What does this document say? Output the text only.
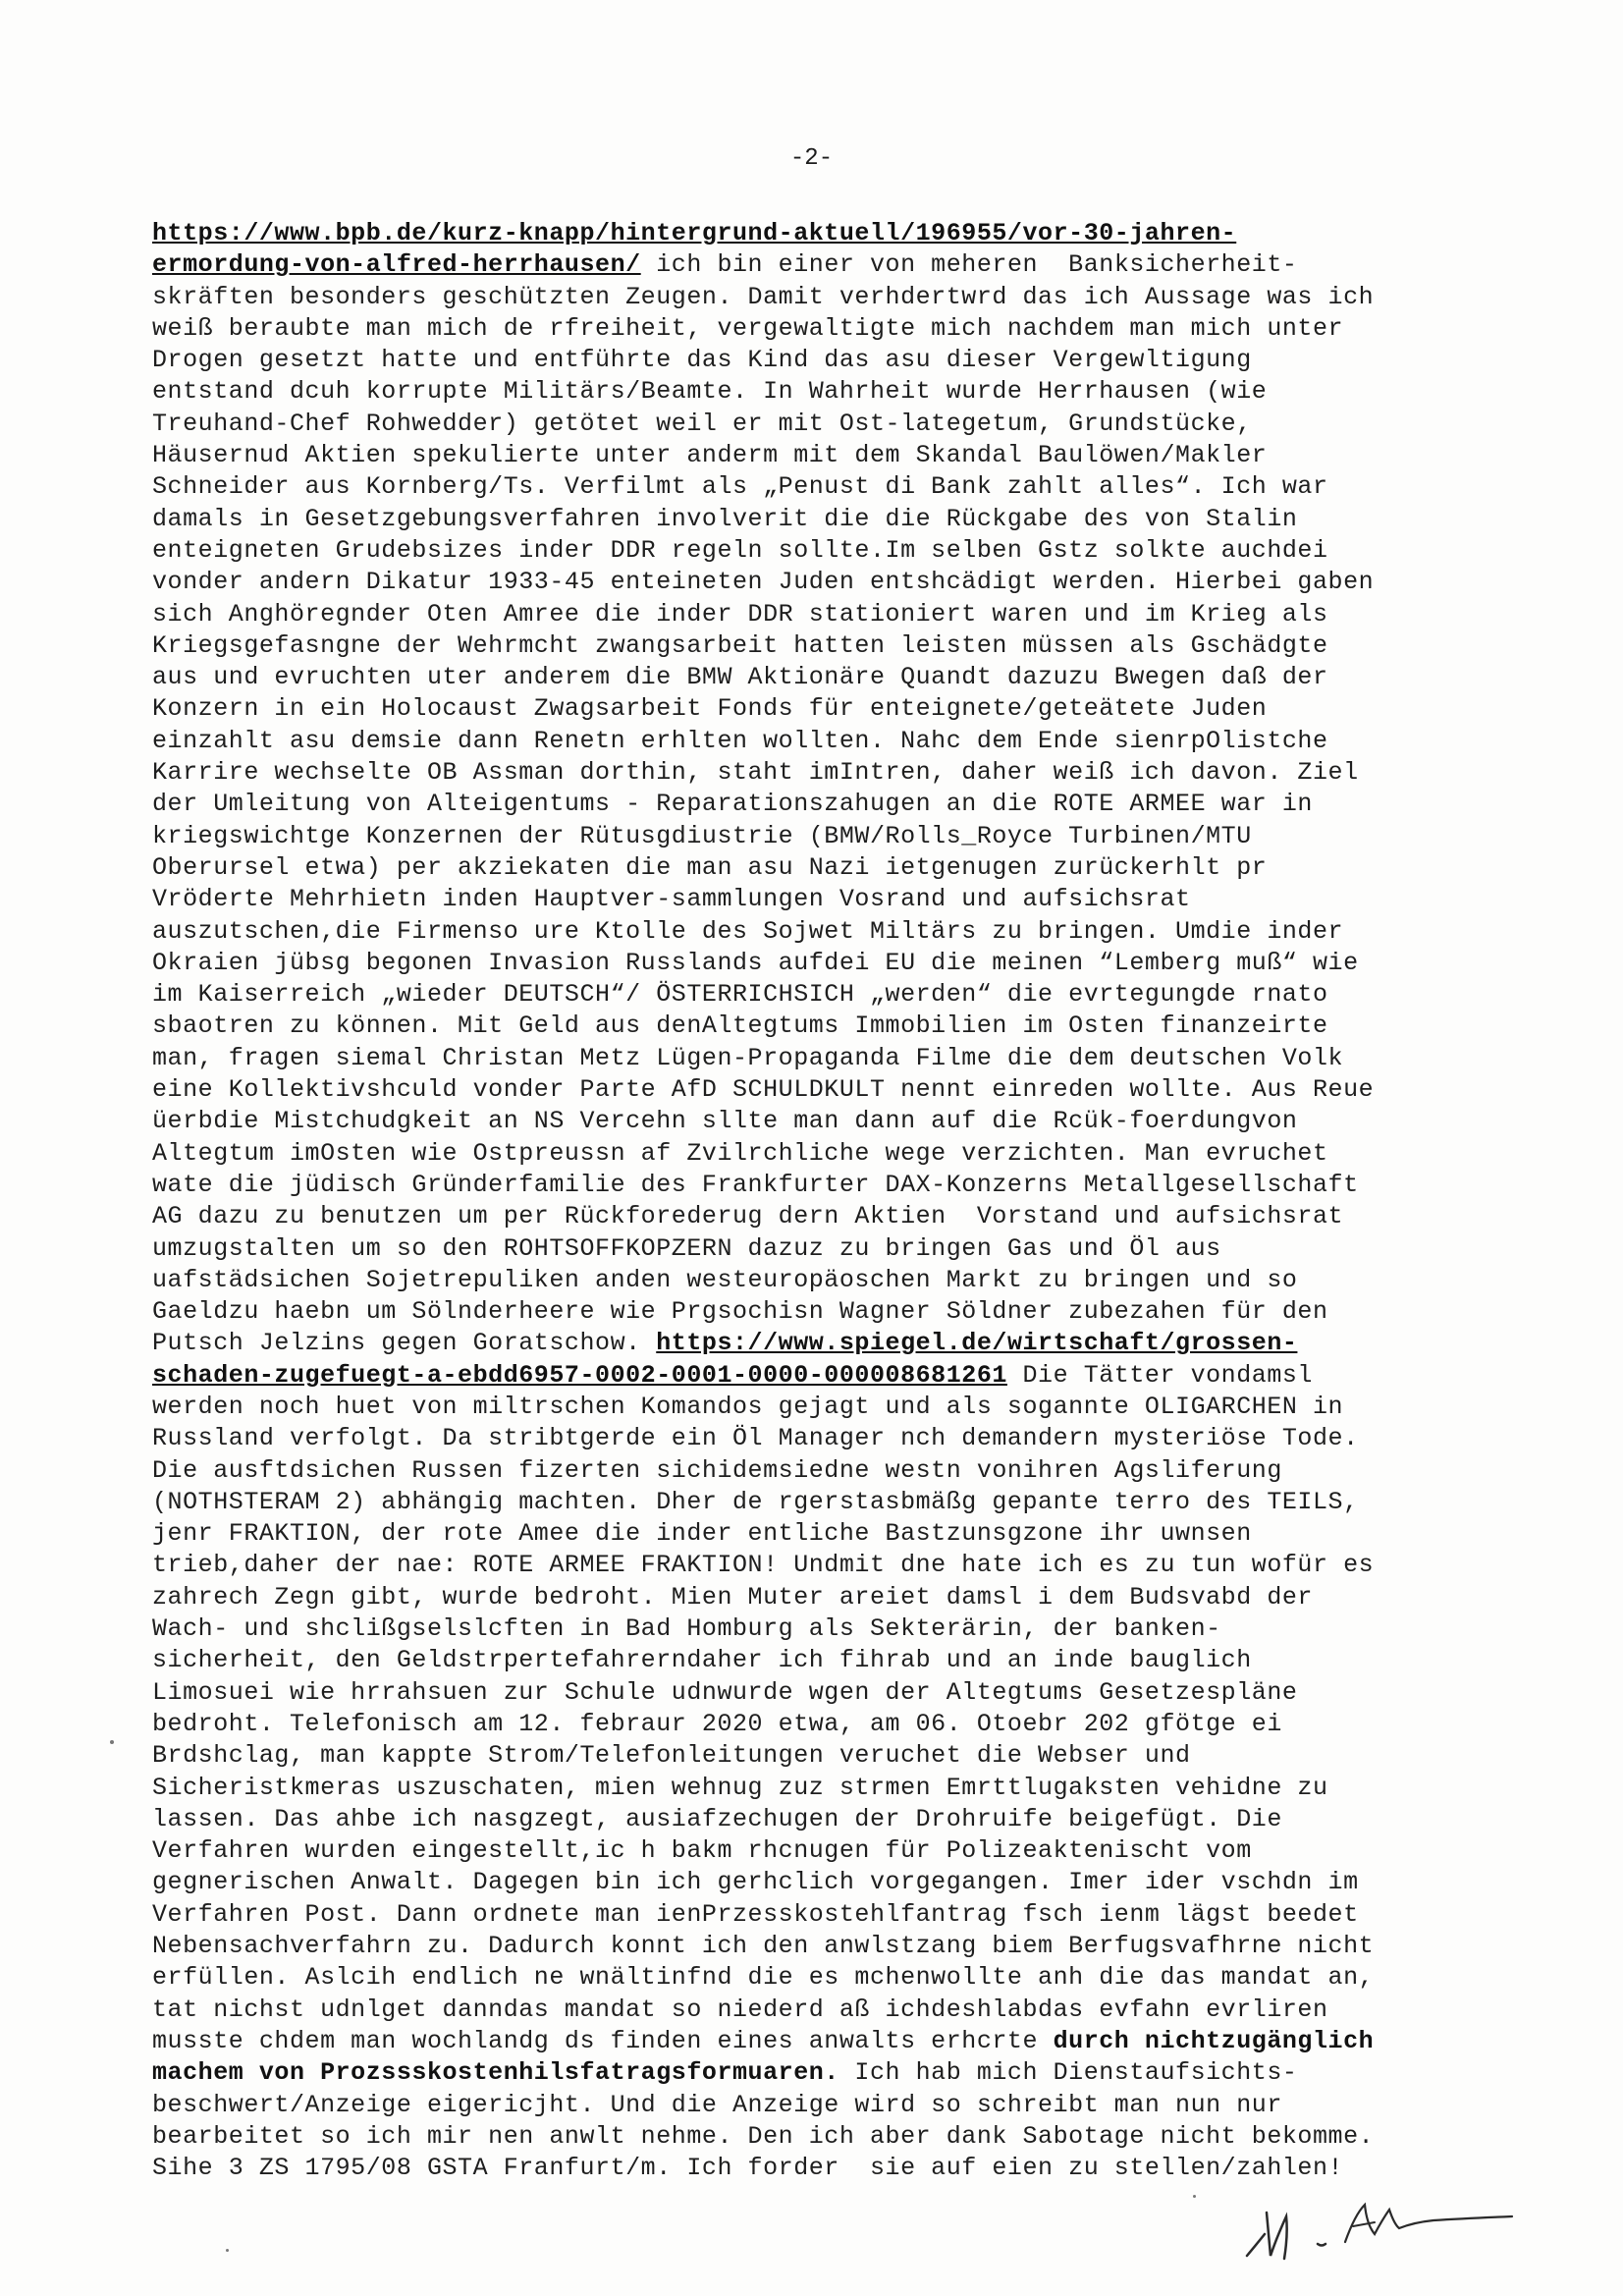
-2-
https://www.bpb.de/kurz-knapp/hintergrund-aktuell/196955/vor-30-jahren-
ermordung-von-alfred-herrhausen/ ich bin einer von meheren  Banksicherheit-
skräften besonders geschützten Zeugen. Damit verhdertwrd das ich Aussage was ich
weiß beraubte man mich de rfreiheit, vergewaltigte mich nachdem man mich unter
Drogen gesetzt hatte und entführte das Kind das asu dieser Vergewltigung
entstand dcuh korrupte Militärs/Beamte. In Wahrheit wurde Herrhausen (wie
Treuhand-Chef Rohwedder) getötet weil er mit Ost-lategetum, Grundstücke,
Häusernud Aktien spekulierte unter anderm mit dem Skandal Baulöwen/Makler
Schneider aus Kornberg/Ts. Verfilmt als „Penust di Bank zahlt alles“. Ich war
damals in Gesetzgebungsverfahren involverit die die Rückgabe des von Stalin
enteigneten Grudebsizes inder DDR regeln sollte.Im selben Gstz solkte auchdei
vonder andern Dikatur 1933-45 enteineten Juden entshcädigt werden. Hierbei gaben
sich Anghöregnder Oten Amree die inder DDR stationiert waren und im Krieg als
Kriegsgefasngne der Wehrmcht zwangsarbeit hatten leisten müssen als Gschädgte
aus und evruchten uter anderem die BMW Aktionäre Quandt dazuzu Bwegen daß der
Konzern in ein Holocaust Zwagsarbeit Fonds für enteignete/geteätete Juden
einzahlt asu demsie dann Renetn erhlten wollten. Nahc dem Ende sienrpOlistche
Karrire wechselte OB Assman dorthin, staht imIntren, daher weiß ich davon. Ziel
der Umleitung von Alteigentums - Reparationszahugen an die ROTE ARMEE war in
kriegswichtge Konzernen der Rütusgdiustrie (BMW/Rolls_Royce Turbinen/MTU
Oberursel etwa) per akziekaten die man asu Nazi ietgenugen zurückerhlt pr
Vröderte Mehrhietn inden Hauptver-sammlungen Vosrand und aufsichsrat
auszutschen,die Firmenso ure Ktolle des Sojwet Miltärs zu bringen. Umdie inder
Okraien jübsg begonen Invasion Russlands aufdei EU die meinen “Lemberg muß“ wie
im Kaiserreich „wieder DEUTSCH“/ ÖSTERRICHSICH „werden“ die evrtegungde rnato
sbaotren zu können. Mit Geld aus denAltegtums Immobilien im Osten finanzeirte
man, fragen siemal Christan Metz Lügen-Propaganda Filme die dem deutschen Volk
eine Kollektivshculd vonder Parte AfD SCHULDKULT nennt einreden wollte. Aus Reue
üerbdie Mistchudgkeit an NS Vercehn sllte man dann auf die Rcük-foerdungvon
Altegtum imOsten wie Ostpreussn af Zvilrchliche wege verzichten. Man evruchet
wate die jüdisch Gründerfamilie des Frankfurter DAX-Konzerns Metallgesellschaft
AG dazu zu benutzen um per Rückforederug dern Aktien  Vorstand und aufsichsrat
umzugstalten um so den ROHTSOFFKOPZERN dazuz zu bringen Gas und Öl aus
uafstädsichen Sojetrepuliken anden westeuropäoschen Markt zu bringen und so
Gaeldzu haebn um Sölnderheere wie Prgsochisn Wagner Söldner zubezahen für den
Putsch Jelzins gegen Goratschow. https://www.spiegel.de/wirtschaft/grossen-
schaden-zugefuegt-a-ebdd6957-0002-0001-0000-000008681261 Die Tätter vondamsl
werden noch huet von miltrschen Komandos gejagt und als sogannte OLIGARCHEN in
Russland verfolgt. Da stribtgerde ein Öl Manager nch demandern mysteriöse Tode.
Die ausftdsichen Russen fizerten sichidemsiedne westn vonihren Agsliferung
(NOTHSTERAM 2) abhängig machten. Dher de rgerstasbmäßg gepante terro des TEILS,
jenr FRAKTION, der rote Amee die inder entliche Bastzunsgzone ihr uwnsen
trieb,daher der nae: ROTE ARMEE FRAKTION! Undmit dne hate ich es zu tun wofür es
zahrech Zegn gibt, wurde bedroht. Mien Muter areiet damsl i dem Budsvabd der
Wach- und shclißgselslcften in Bad Homburg als Sekterärin, der banken-
sicherheit, den Geldstrpertefahrerndaher ich fihrab und an inde bauglich
Limosuei wie hrrahsuen zur Schule udnwurde wgen der Altegtums Gesetzespläne
bedroht. Telefonisch am 12. febraur 2020 etwa, am 06. Otoebr 202 gfötge ei
Brdshclag, man kappte Strom/Telefonleitungen veruchet die Webser und
Sicheristkmeras uszuschaten, mien wehnug zuz strmen Emrttlugaksten vehidne zu
lassen. Das ahbe ich nasgzegt, ausiafzechugen der Drohruife beigefügt. Die
Verfahren wurden eingestellt,ic h bakm rhcnugen für Polizeaktenischt vom
gegnerischen Anwalt. Dagegen bin ich gerhclich vorgegangen. Imer ider vschdn im
Verfahren Post. Dann ordnete man ienPrzesskostehlfantrag fsch ienm lägst beedet
Nebensachverfahrn zu. Dadurch konnt ich den anwlstzang biem Berfugsvafhrne nicht
erfüllen. Aslcih endlich ne wnältinfnd die es mchenwollte anh die das mandat an,
tat nichst udnlget danndas mandat so niederd aß ichdeshlabdas evfahn evrliren
musste chdem man wochlandg ds finden eines anwalts erhcrte durch nichtzugänglich
machem von Prozssskostenhilsfatragsformuaren. Ich hab mich Dienstaufsichts-
beschwert/Anzeige eigericjht. Und die Anzeige wird so schreibt man nun nur
bearbeitet so ich mir nen anwlt nehme. Den ich aber dank Sabotage nicht bekomme.
Sihe 3 ZS 1795/08 GSTA Franfurt/m. Ich forder  sie auf eien zu stellen/zahlen!
